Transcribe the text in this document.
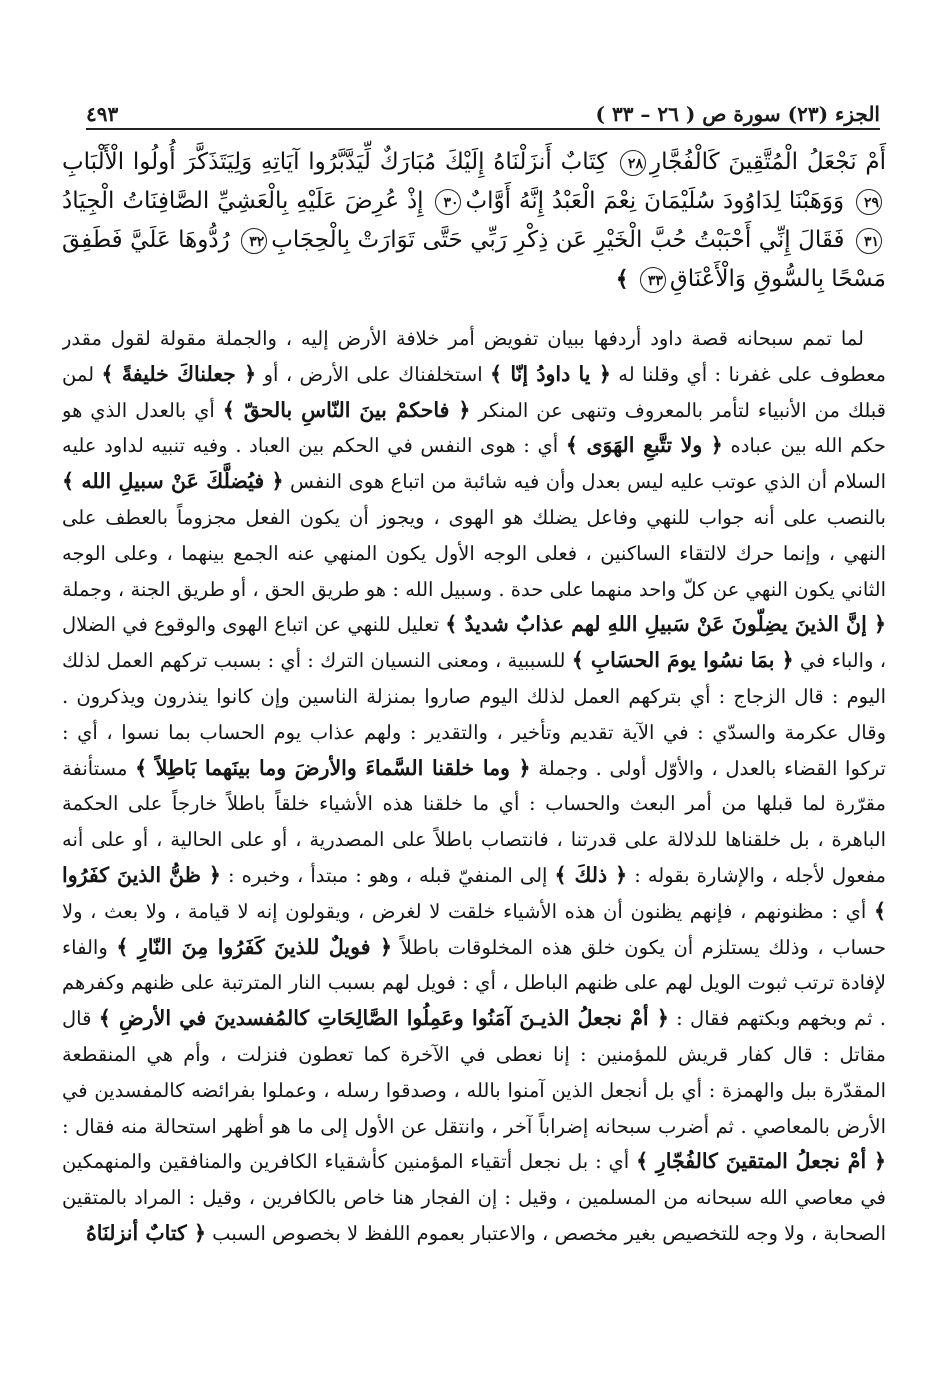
الجزء (٢٣) سورة ص ( ٢٦ – ٣٣ )
٤٩٣
أَمْ نَجْعَلُ الْمُتَّقِينَ كَالْفُجَّارِ٢٨ كِتَابٌ أَنزَلْنَاهُ إِلَيْكَ مُبَارَكٌ لِّيَدَّبَّرُوا آيَاتِهِ وَلِيَتَذَكَّرَ أُولُوا الْأَلْبَابِ٢٩ وَوَهَبْنَا لِدَاوُودَ سُلَيْمَانَ نِعْمَ الْعَبْدُ إِنَّهُ أَوَّابٌ٣٠ إِذْ عُرِضَ عَلَيْهِ بِالْعَشِيِّ الصَّافِنَاتُ الْجِيَادُ٣١ فَقَالَ إِنِّي أَحْبَبْتُ حُبَّ الْخَيْرِ عَن ذِكْرِ رَبِّي حَتَّى تَوَارَتْ بِالْحِجَابِ٣٢ رُدُّوهَا عَلَيَّ فَطَفِقَ مَسْحًا بِالسُّوقِ وَالْأَعْنَاقِ٣٣ ﴾

لما تمم سبحانه قصة داود أردفها ببيان تفويض أمر خلافة الأرض إليه ، والجملة مقولة لقول مقدر معطوف على غفرنا : أي وقلنا له ﴿ يا داودُ إنّا ﴾ استخلفناك على الأرض ، أو ﴿ جعلناكَ خليفةً ﴾ لمن قبلك من الأنبياء لتأمر بالمعروف وتنهى عن المنكر ﴿ فاحكمْ بينَ النّاسِ بالحقّ ﴾ أي بالعدل الذي هو حكم الله بين عباده ﴿ ولا تتَّبعِ الهَوَى ﴾ أي : هوى النفس في الحكم بين العباد . وفيه تنبيه لداود عليه السلام أن الذي عوتب عليه ليس بعدل وأن فيه شائبة من اتباع هوى النفس ﴿ فيُضلَّكَ عَنْ سبيلِ الله ﴾ بالنصب على أنه جواب للنهي وفاعل يضلك هو الهوى ، ويجوز أن يكون الفعل مجزوماً بالعطف على النهي ، وإنما حرك لالتقاء الساكنين ، فعلى الوجه الأول يكون المنهي عنه الجمع بينهما ، وعلى الوجه الثاني يكون النهي عن كلّ واحد منهما على حدة . وسبيل الله : هو طريق الحق ، أو طريق الجنة ، وجملة ﴿ إنَّ الذينَ يضِلّونَ عَنْ سَبيلِ اللهِ لهم عذابٌ شديدٌ ﴾ تعليل للنهي عن اتباع الهوى والوقوع في الضلال ، والباء في ﴿ بمَا نسُوا يومَ الحسَابِ ﴾ للسببية ، ومعنى النسيان الترك : أي : بسبب تركهم العمل لذلك اليوم : قال الزجاج : أي بتركهم العمل لذلك اليوم صاروا بمنزلة الناسين وإن كانوا ينذرون ويذكرون . وقال عكرمة والسدّي : في الآية تقديم وتأخير ، والتقدير : ولهم عذاب يوم الحساب بما نسوا ، أي : تركوا القضاء بالعدل ، والأوّل أولى . وجملة ﴿ وما خلقنا السَّماءَ والأرضَ وما بينَهما بَاطِلاً ﴾ مستأنفة مقرّرة لما قبلها من أمر البعث والحساب : أي ما خلقنا هذه الأشياء خلقاً باطلاً خارجاً على الحكمة الباهرة ، بل خلقناها للدلالة على قدرتنا ، فانتصاب باطلاً على المصدرية ، أو على الحالية ، أو على أنه مفعول لأجله ، والإشارة بقوله : ﴿ ذلكَ ﴾ إلى المنفيّ قبله ، وهو : مبتدأ ، وخبره : ﴿ ظنُّ الذينَ كفَرُوا ﴾ أي : مظنونهم ، فإنهم يظنون أن هذه الأشياء خلقت لا لغرض ، ويقولون إنه لا قيامة ، ولا بعث ، ولا حساب ، وذلك يستلزم أن يكون خلق هذه المخلوقات باطلاً ﴿ فويلٌ للذينَ كَفَرُوا مِنَ النّارِ ﴾ والفاء لإفادة ترتب ثبوت الويل لهم على ظنهم الباطل ، أي : فويل لهم بسبب النار المترتبة على ظنهم وكفرهم . ثم وبخهم وبكتهم فقال : ﴿ أمْ نجعلُ الذيـنَ آمَنُوا وعَمِلُوا الصَّالِحَاتِ كالمُفسدينَ في الأرضِ ﴾ قال مقاتل : قال كفار قريش للمؤمنين : إنا نعطى في الآخرة كما تعطون فنزلت ، وأم هي المنقطعة المقدّرة ببل والهمزة : أي بل أنجعل الذين آمنوا بالله ، وصدقوا رسله ، وعملوا بفرائضه كالمفسدين في الأرض بالمعاصي . ثم أضرب سبحانه إضراباً آخر ، وانتقل عن الأول إلى ما هو أظهر استحالة منه فقال : ﴿ أمْ نجعلُ المتقينَ كالفُجّارِ ﴾ أي : بل نجعل أتقياء المؤمنين كأشقياء الكافرين والمنافقين والمنهمكين في معاصي الله سبحانه من المسلمين ، وقيل : إن الفجار هنا خاص بالكافرين ، وقيل : المراد بالمتقين الصحابة ، ولا وجه للتخصيص بغير مخصص ، والاعتبار بعموم اللفظ لا بخصوص السبب ﴿ كتابٌ أنزلنَاهُ
